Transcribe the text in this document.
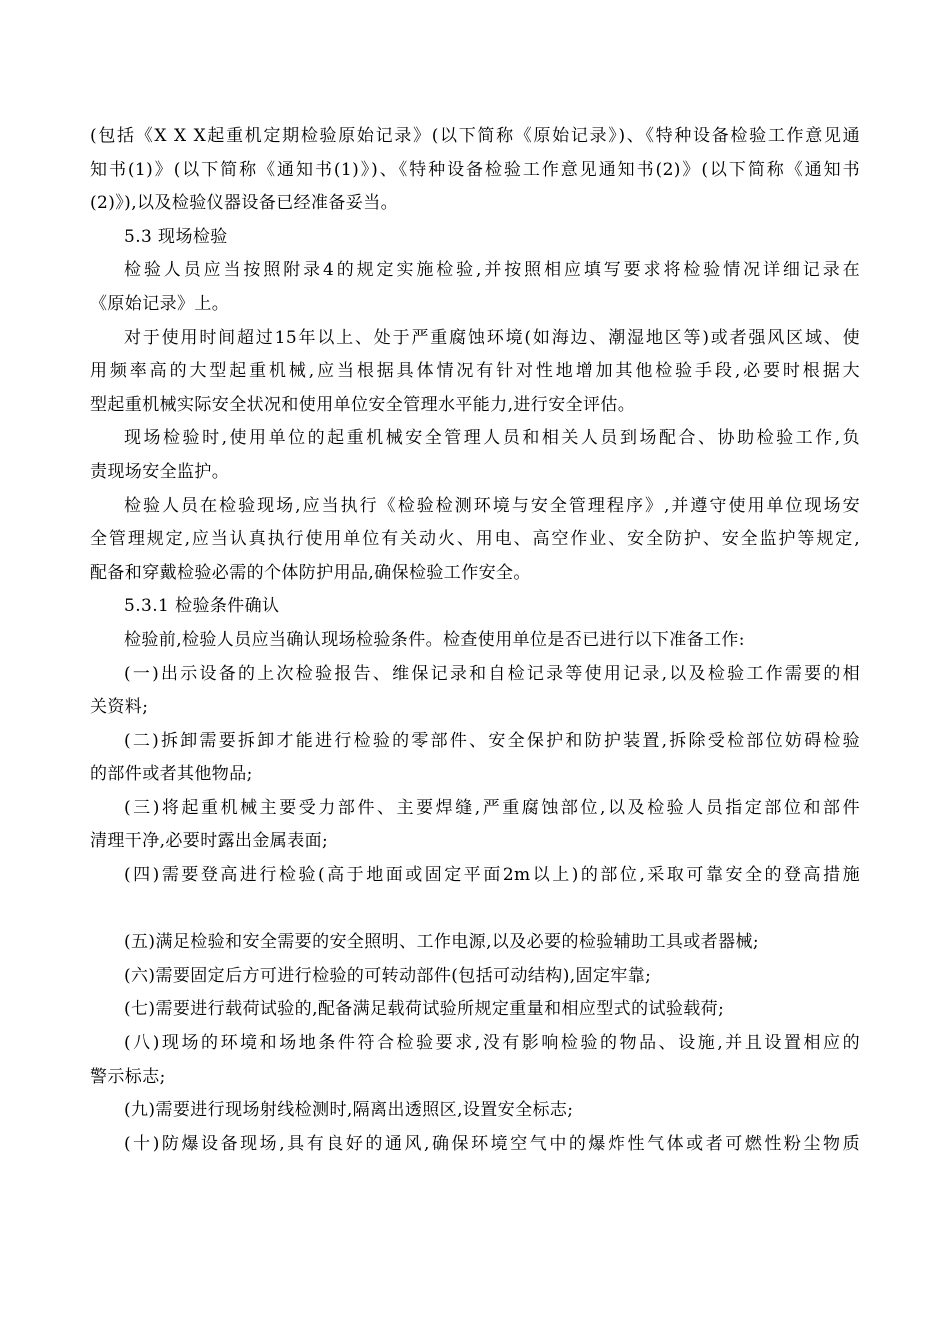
(包括《X X X起重机定期检验原始记录》(以下简称《原始记录》)、《特种设备检验工作意见通
知书(1)》(以下简称《通知书(1)》)、《特种设备检验工作意见通知书(2)》(以下简称《通知书
(2)》),以及检验仪器设备已经准备妥当。
5.3 现场检验
检验人员应当按照附录4的规定实施检验,并按照相应填写要求将检验情况详细记录在
《原始记录》上。
对于使用时间超过15年以上、处于严重腐蚀环境(如海边、潮湿地区等)或者强风区域、使
用频率高的大型起重机械,应当根据具体情况有针对性地增加其他检验手段,必要时根据大
型起重机械实际安全状况和使用单位安全管理水平能力,进行安全评估。
现场检验时,使用单位的起重机械安全管理人员和相关人员到场配合、协助检验工作,负
责现场安全监护。
检验人员在检验现场,应当执行《检验检测环境与安全管理程序》,并遵守使用单位现场安
全管理规定,应当认真执行使用单位有关动火、用电、高空作业、安全防护、安全监护等规定,
配备和穿戴检验必需的个体防护用品,确保检验工作安全。
5.3.1 检验条件确认
检验前,检验人员应当确认现场检验条件。检查使用单位是否已进行以下准备工作:
(一)出示设备的上次检验报告、维保记录和自检记录等使用记录,以及检验工作需要的相
关资料;
(二)拆卸需要拆卸才能进行检验的零部件、安全保护和防护装置,拆除受检部位妨碍检验
的部件或者其他物品;
(三)将起重机械主要受力部件、主要焊缝,严重腐蚀部位,以及检验人员指定部位和部件
清理干净,必要时露出金属表面;
(四)需要登高进行检验(高于地面或固定平面2m以上)的部位,采取可靠安全的登高措施
(五)满足检验和安全需要的安全照明、工作电源,以及必要的检验辅助工具或者器械;
(六)需要固定后方可进行检验的可转动部件(包括可动结构),固定牢靠;
(七)需要进行载荷试验的,配备满足载荷试验所规定重量和相应型式的试验载荷;
(八)现场的环境和场地条件符合检验要求,没有影响检验的物品、设施,并且设置相应的
警示标志;
(九)需要进行现场射线检测时,隔离出透照区,设置安全标志;
(十)防爆设备现场,具有良好的通风,确保环境空气中的爆炸性气体或者可燃性粉尘物质
